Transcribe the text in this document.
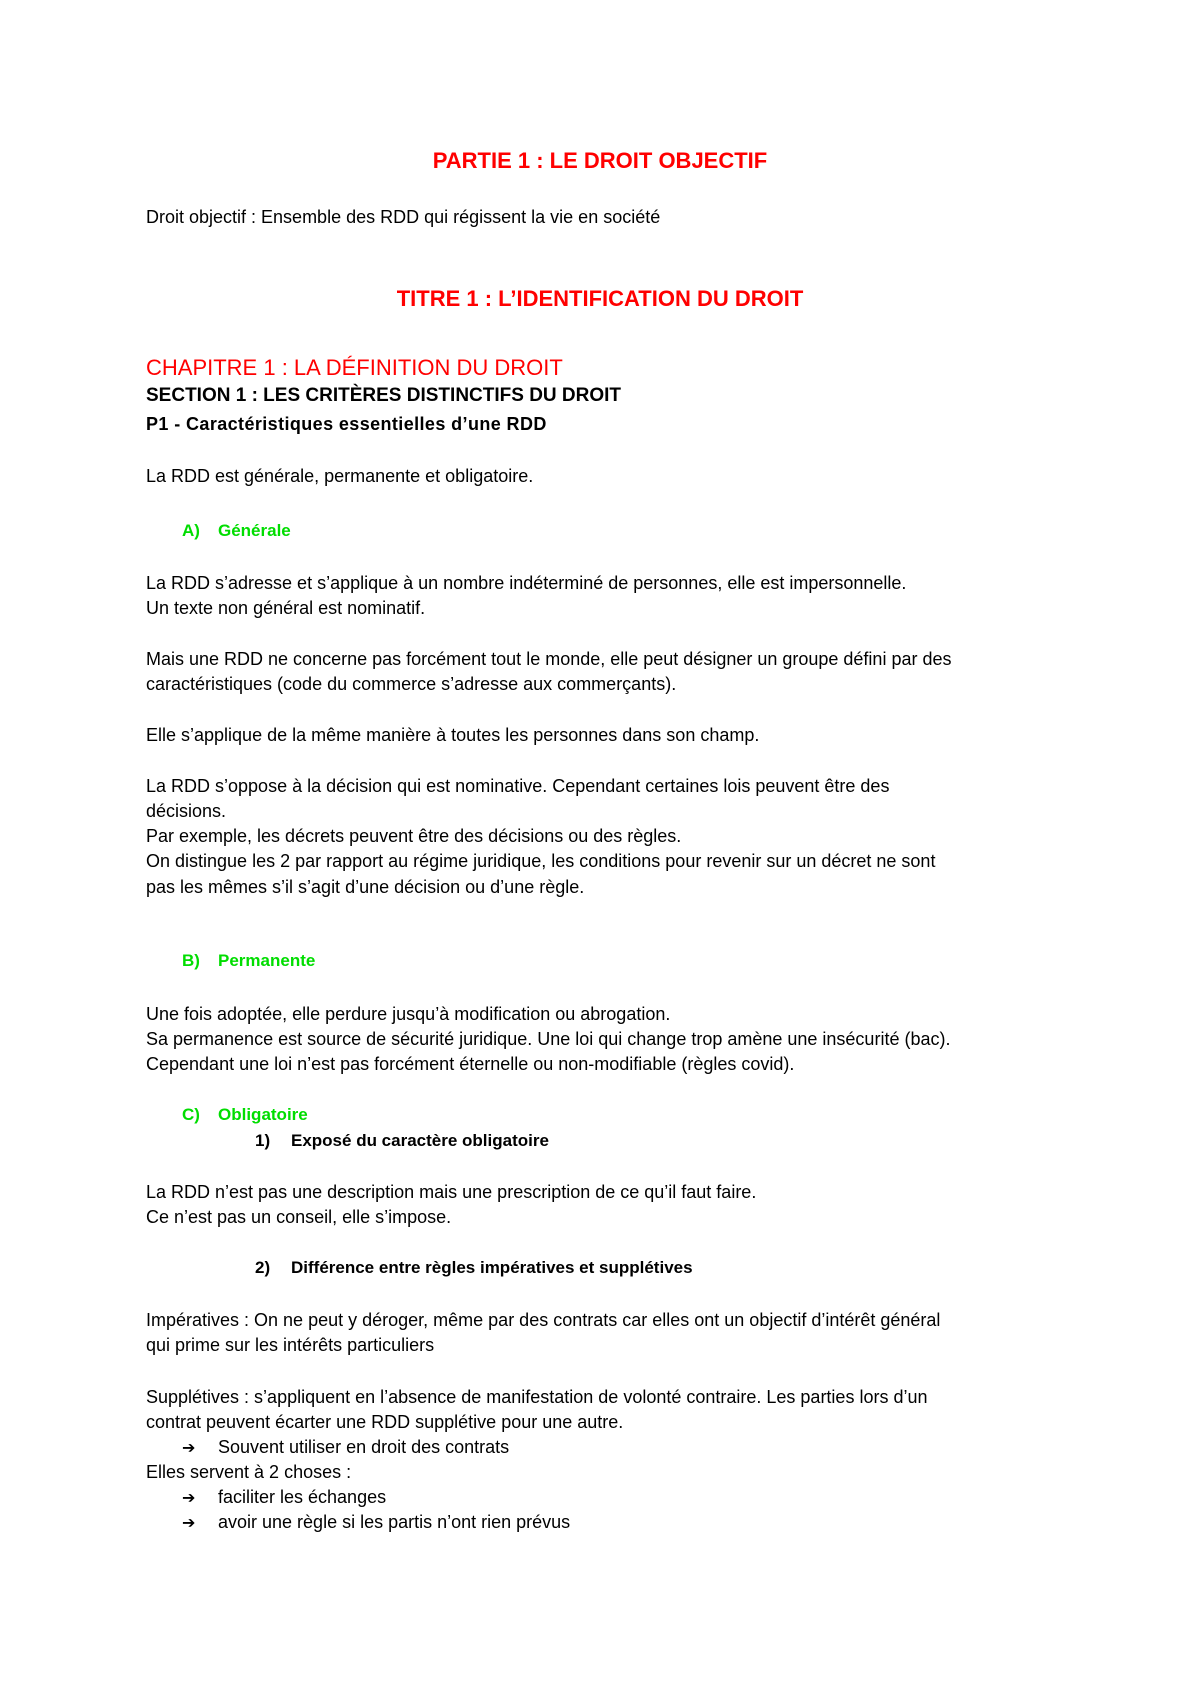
PARTIE 1 : LE DROIT OBJECTIF
Droit objectif : Ensemble des RDD qui régissent la vie en société
TITRE 1 : L’IDENTIFICATION DU DROIT
CHAPITRE 1 : LA DÉFINITION DU DROIT
SECTION 1 : LES CRITÈRES DISTINCTIFS DU DROIT
P1 - Caractéristiques essentielles d’une RDD
La RDD est générale, permanente et obligatoire.
A) Générale
La RDD s’adresse et s’applique à un nombre indéterminé de personnes, elle est impersonnelle.
Un texte non général est nominatif.
Mais une RDD ne concerne pas forcément tout le monde, elle peut désigner un groupe défini par des
caractéristiques (code du commerce s’adresse aux commerçants).
Elle s’applique de la même manière à toutes les personnes dans son champ.
La RDD s’oppose à la décision qui est nominative. Cependant certaines lois peuvent être des
décisions.
Par exemple, les décrets peuvent être des décisions ou des règles.
On distingue les 2 par rapport au régime juridique, les conditions pour revenir sur un décret ne sont
pas les mêmes s’il s’agit d’une décision ou d’une règle.
B) Permanente
Une fois adoptée, elle perdure jusqu’à modification ou abrogation.
Sa permanence est source de sécurité juridique. Une loi qui change trop amène une insécurité (bac).
Cependant une loi n’est pas forcément éternelle ou non-modifiable (règles covid).
C) Obligatoire
1) Exposé du caractère obligatoire
La RDD n’est pas une description mais une prescription de ce qu’il faut faire.
Ce n’est pas un conseil, elle s’impose.
2) Différence entre règles impératives et supplétives
Impératives : On ne peut y déroger, même par des contrats car elles ont un objectif d’intérêt général
qui prime sur les intérêts particuliers
Supplétives : s’appliquent en l’absence de manifestation de volonté contraire. Les parties lors d’un
contrat peuvent écarter une RDD supplétive pour une autre.
➔ Souvent utiliser en droit des contrats
Elles servent à 2 choses :
➔ faciliter les échanges
➔ avoir une règle si les partis n’ont rien prévus
